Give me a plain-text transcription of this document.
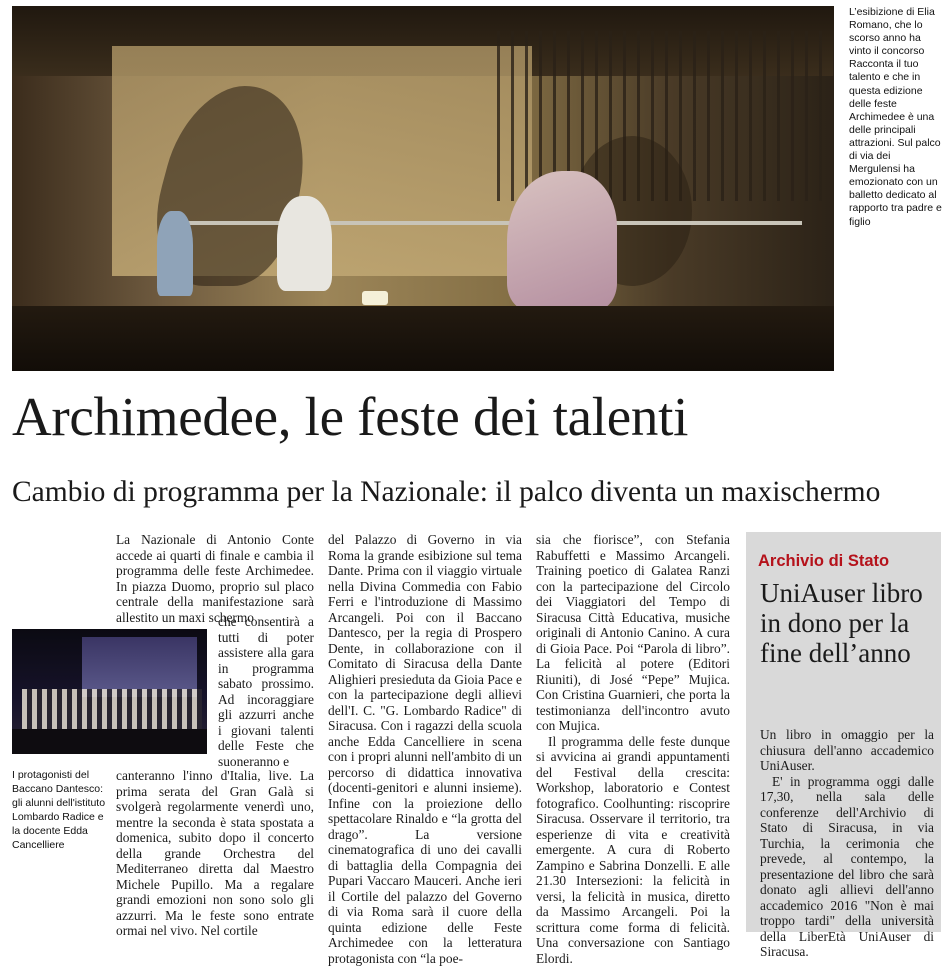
L’esibizione di Elia Romano, che lo scorso anno ha vinto il concorso Racconta il tuo talento e che in questa edizione delle feste Archimedee è una delle principali attrazioni. Sul palco di via dei Mergulensi ha emozionato con un balletto dedicato al rapporto tra padre e figlio
Archimedee, le feste dei talenti
Cambio di programma per la Nazionale: il palco diventa un maxischermo

La Nazionale di Antonio Conte accede ai quarti di finale e cambia il programma delle feste Archimedee. In piazza Duomo, proprio sul placo centrale della manifestazione sarà allestito un maxi schermo

che consentirà a tutti di poter assistere alla gara in programma sabato prossimo. Ad incoraggiare gli azzurri anche i giovani talenti delle Feste che suoneranno e

canteranno l'inno d'Italia, live. La prima serata del Gran Galà si svolgerà regolarmente venerdì uno, mentre la seconda è stata spostata a domenica, subito dopo il concerto della grande Orchestra del Mediterraneo diretta dal Maestro Michele Pupillo. Ma a regalare grandi emozioni non sono solo gli azzurri. Ma le feste sono entrate ormai nel vivo. Nel cortile

I protagonisti del Baccano Dantesco: gli alunni dell'istituto Lombardo Radice e la docente Edda Cancelliere

del Palazzo di Governo in via Roma la grande esibizione sul tema Dante. Prima con il viaggio virtuale nella Divina Commedia con Fabio Ferri e l'introduzione di Massimo Arcangeli. Poi con il Baccano Dantesco, per la regia di Prospero Dente, in collaborazione con il Comitato di Siracusa della Dante Alighieri presieduta da Gioia Pace e con la partecipazione degli allievi dell'I. C. "G. Lombardo Radice" di Siracusa. Con i ragazzi della scuola anche Edda Cancelliere in scena con i propri alunni nell'ambito di un percorso di didattica innovativa (docenti-genitori e alunni insieme). Infine con la proiezione dello spettacolare Rinaldo e “la grotta del drago”. La versione cinematografica di uno dei cavalli di battaglia della Compagnia dei Pupari Vaccaro Mauceri. Anche ieri il Cortile del palazzo del Governo di via Roma sarà il cuore della quinta edizione delle Feste Archimedee con la letteratura protagonista con “la poe-

sia che fiorisce”, con Stefania Rabuffetti e Massimo Arcangeli. Training poetico di Galatea Ranzi con la partecipazione del Circolo dei Viaggiatori del Tempo di Siracusa Città Educativa, musiche originali di Antonio Canino. A cura di Gioia Pace. Poi “Parola di libro”. La felicità al potere (Editori Riuniti), di José “Pepe” Mujica. Con Cristina Guarnieri, che porta la testimonianza dell'incontro avuto con Mujica.

Il programma delle feste dunque si avvicina ai grandi appuntamenti del Festival della crescita: Workshop, laboratorio e Contest fotografico. Coolhunting: riscoprire Siracusa. Osservare il territorio, tra esperienze di vita e creatività emergente. A cura di Roberto Zampino e Sabrina Donzelli. E alle 21.30 Intersezioni: la felicità in versi, la felicità in musica, diretto da Massimo Arcangeli. Poi la scrittura come forma di felicità. Una conversazione con Santiago Elordi.

Archivio di Stato
UniAuser libro in dono per la fine dell’anno

Un libro in omaggio per la chiusura dell'anno accademico UniAuser.

E' in programma oggi dalle 17,30, nella sala delle conferenze dell'Archivio di Stato di Siracusa, in via Turchia, la cerimonia che prevede, al contempo, la presentazione del libro che sarà donato agli allievi dell'anno accademico 2016 "Non è mai troppo tardi" della università della LiberEtà UniAuser di Siracusa.
